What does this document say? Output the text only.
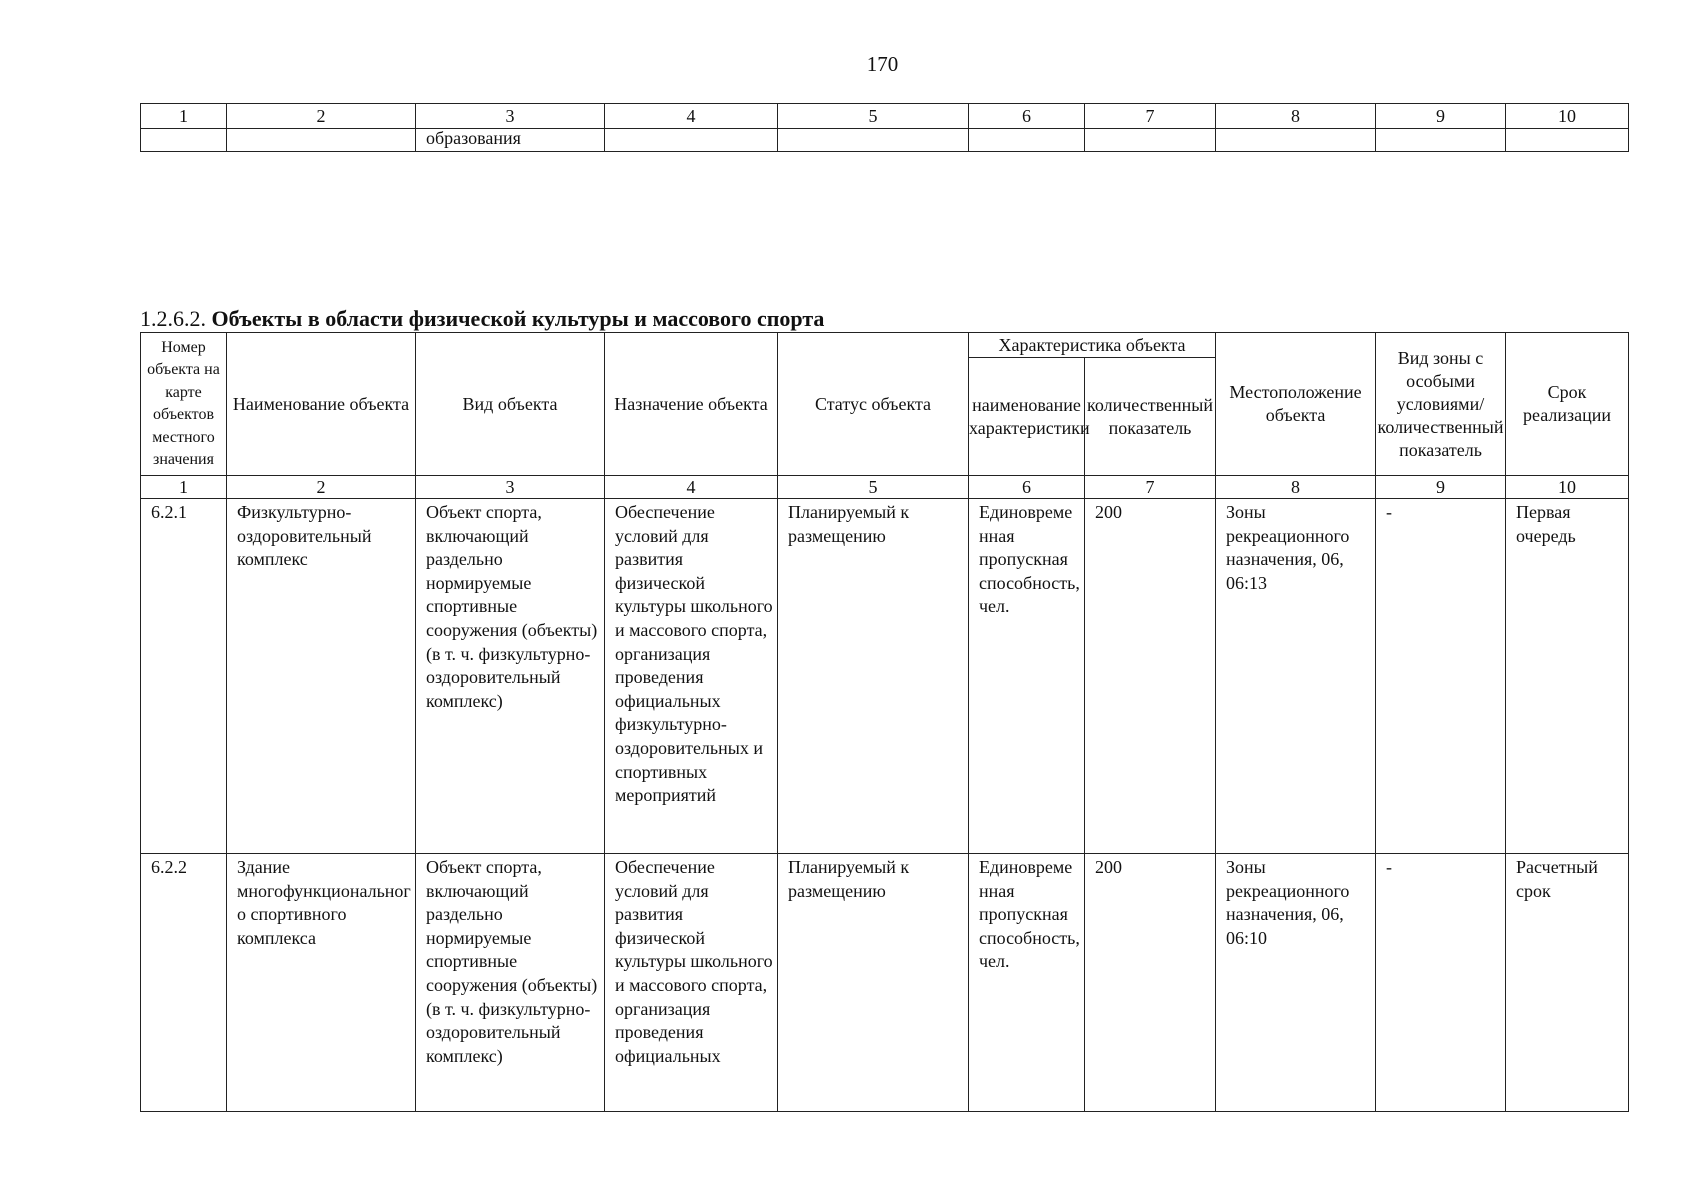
170
1	2	3	4	5	6	7	8	9	10
		образования							
1.2.6.2. Объекты в области физической культуры и массового спорта
Номер объекта на карте объектов местного значения	Наименование объекта	Вид объекта	Назначение объекта	Статус объекта	Характеристика объекта		Местоположение объекта	Вид зоны с особыми условиями/ количественный показатель	Срок реализации
					наименование характеристики	количественный показатель			
1	2	3	4	5	6	7	8	9	10
6.2.1	Физкультурно-оздоровительный комплекс	Объект спорта, включающий раздельно нормируемые спортивные сооружения (объекты) (в т. ч. физкультурно-оздоровительный комплекс)	Обеспечение условий для развития физической культуры школьного и массового спорта, организация проведения официальных физкультурно-оздоровительных и спортивных мероприятий	Планируемый к размещению	Единовременная пропускная способность, чел.	200	Зоны рекреационного назначения, 06, 06:13	-	Первая очередь
6.2.2	Здание многофункционального спортивного комплекса	Объект спорта, включающий раздельно нормируемые спортивные сооружения (объекты) (в т. ч. физкультурно-оздоровительный комплекс)	Обеспечение условий для развития физической культуры школьного и массового спорта, организация проведения официальных	Планируемый к размещению	Единовременная пропускная способность, чел.	200	Зоны рекреационного назначения, 06, 06:10	-	Расчетный срок
